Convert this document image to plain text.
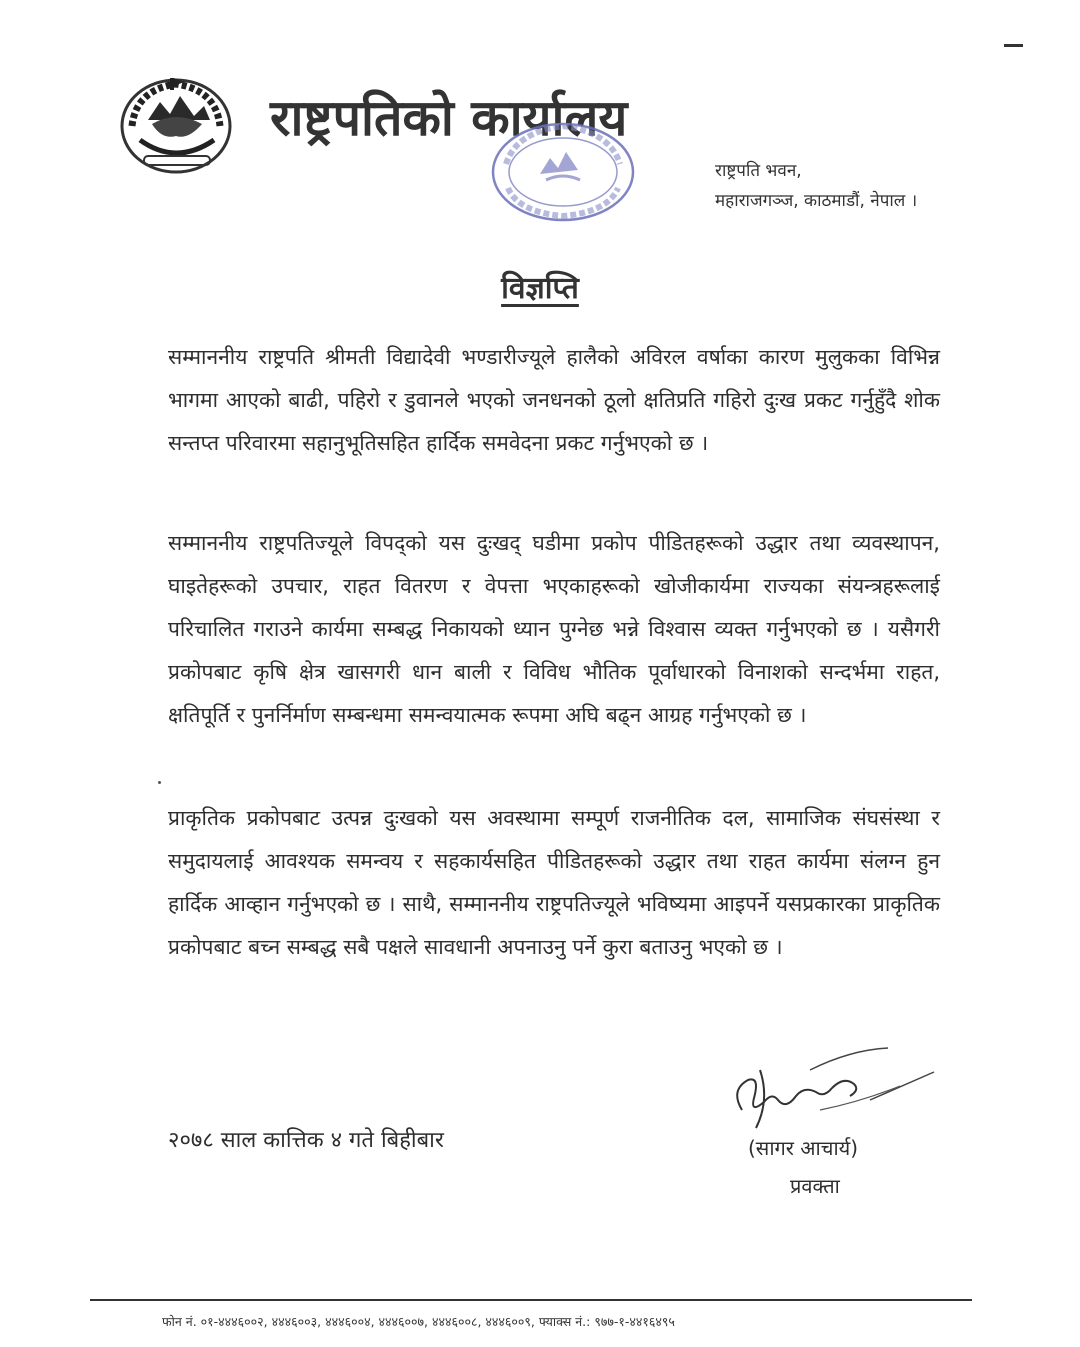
राष्ट्रपतिको कार्यालय
राष्ट्रपति भवन,
महाराजगञ्ज, काठमाडौं, नेपाल ।
विज्ञप्ति

सम्माननीय राष्ट्रपति श्रीमती विद्यादेवी भण्डारीज्यूले हालैको अविरल वर्षाका कारण मुलुकका विभिन्न भागमा आएको बाढी, पहिरो र डुवानले भएको जनधनको ठूलो क्षतिप्रति गहिरो दुःख प्रकट गर्नुहुँदै शोक सन्तप्त परिवारमा सहानुभूतिसहित हार्दिक समवेदना प्रकट गर्नुभएको छ ।

सम्माननीय राष्ट्रपतिज्यूले विपद्को यस दुःखद् घडीमा प्रकोप पीडितहरूको उद्धार तथा व्यवस्थापन, घाइतेहरूको उपचार, राहत वितरण र वेपत्ता भएकाहरूको खोजीकार्यमा राज्यका संयन्त्रहरूलाई परिचालित गराउने कार्यमा सम्बद्ध निकायको ध्यान पुग्नेछ भन्ने विश्वास व्यक्त गर्नुभएको छ । यसैगरी प्रकोपबाट कृषि क्षेत्र खासगरी धान बाली र विविध भौतिक पूर्वाधारको विनाशको सन्दर्भमा राहत, क्षतिपूर्ति र पुनर्निर्माण सम्बन्धमा समन्वयात्मक रूपमा अघि बढ्न आग्रह गर्नुभएको छ ।

प्राकृतिक प्रकोपबाट उत्पन्न दुःखको यस अवस्थामा सम्पूर्ण राजनीतिक दल, सामाजिक संघसंस्था र समुदायलाई आवश्यक समन्वय र सहकार्यसहित पीडितहरूको उद्धार तथा राहत कार्यमा संलग्न हुन हार्दिक आव्हान गर्नुभएको छ । साथै, सम्माननीय राष्ट्रपतिज्यूले भविष्यमा आइपर्ने यसप्रकारका प्राकृतिक प्रकोपबाट बच्न सम्बद्ध सबै पक्षले सावधानी अपनाउनु पर्ने कुरा बताउनु भएको छ ।

२०७८ साल कात्तिक ४ गते बिहीबार	(सागर आचार्य)
प्रवक्ता
फोन नं. ०१-४४४६००२, ४४४६००३, ४४४६००४, ४४४६००७, ४४४६००८, ४४४६००९, फ्याक्स नं.: ९७७-१-४४१६४९५
